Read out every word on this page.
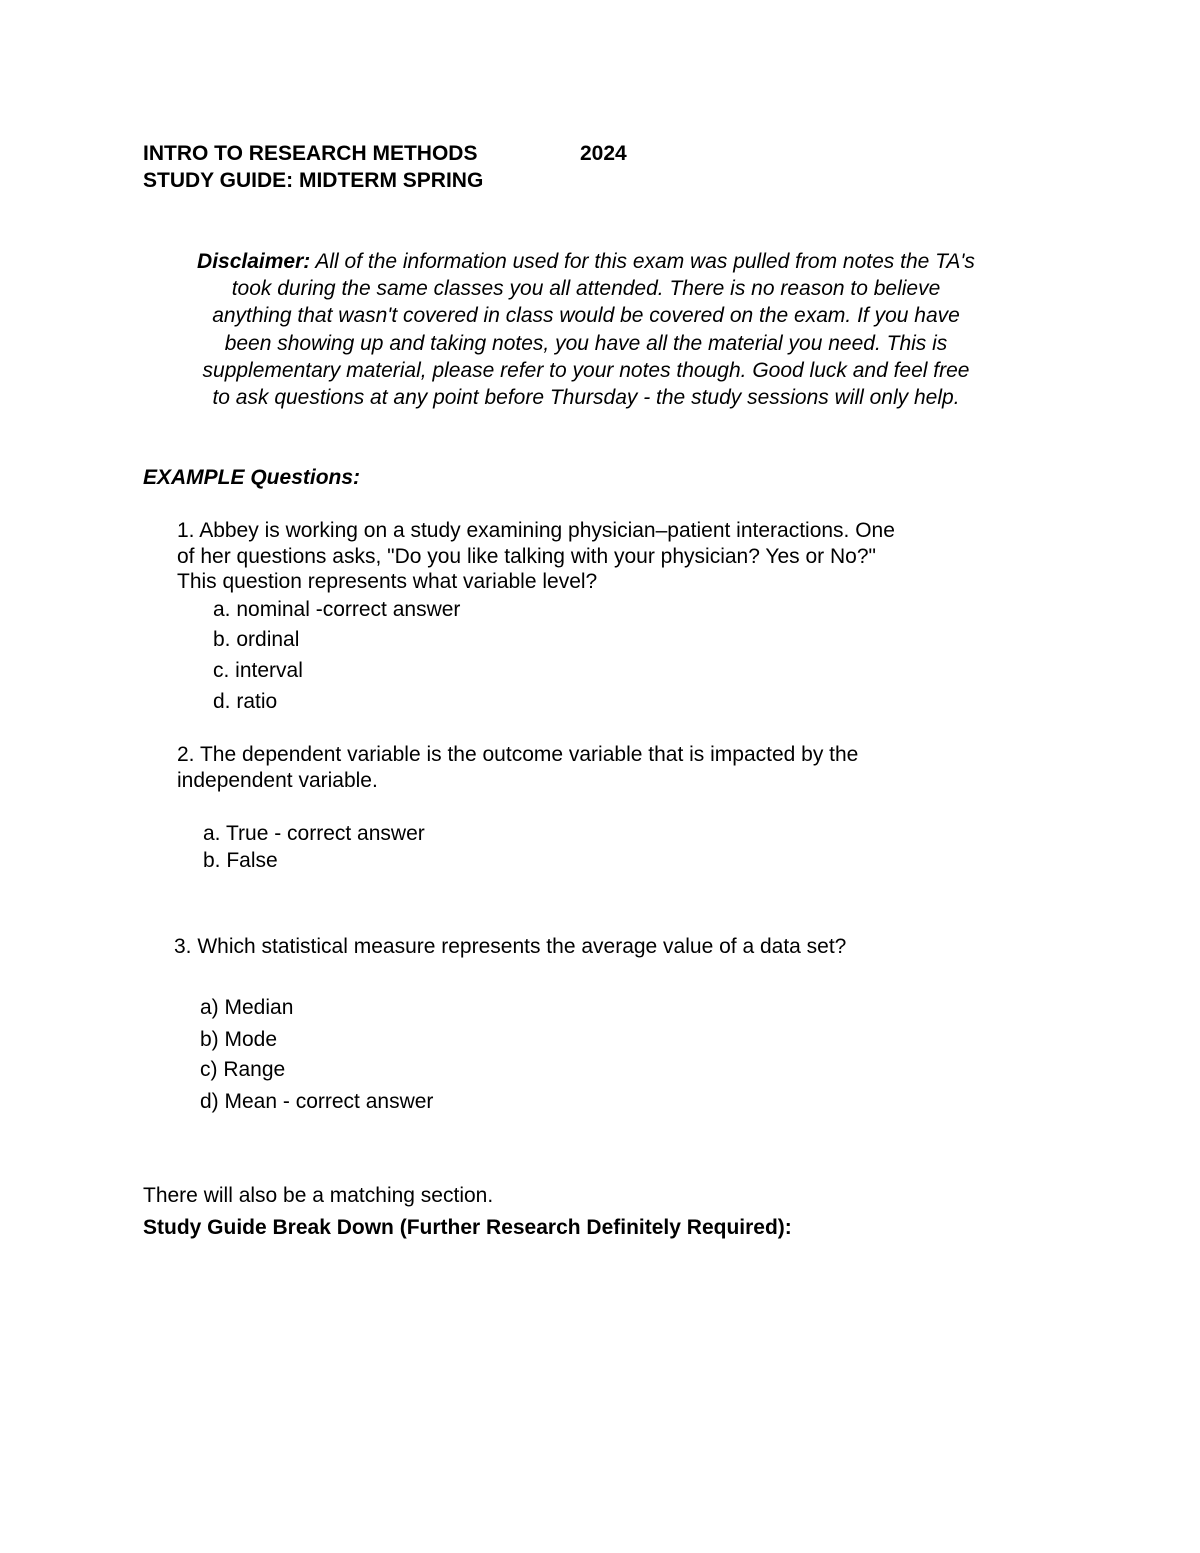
INTRO TO RESEARCH METHODS	2024
STUDY GUIDE: MIDTERM SPRING
Disclaimer: All of the information used for this exam was pulled from notes the TA's
took during the same classes you all attended. There is no reason to believe
anything that wasn't covered in class would be covered on the exam. If you have
been showing up and taking notes, you have all the material you need. This is
supplementary material, please refer to your notes though. Good luck and feel free
to ask questions at any point before Thursday - the study sessions will only help.
EXAMPLE Questions:
1. Abbey is working on a study examining physician–patient interactions. One
of her questions asks, "Do you like talking with your physician? Yes or No?"
This question represents what variable level?
a. nominal -correct answer
b. ordinal
c. interval
d. ratio
2. The dependent variable is the outcome variable that is impacted by the
independent variable.
a. True - correct answer
b. False
3. Which statistical measure represents the average value of a data set?
a) Median
b) Mode
c) Range
d) Mean - correct answer
There will also be a matching section.
Study Guide Break Down (Further Research Definitely Required):
